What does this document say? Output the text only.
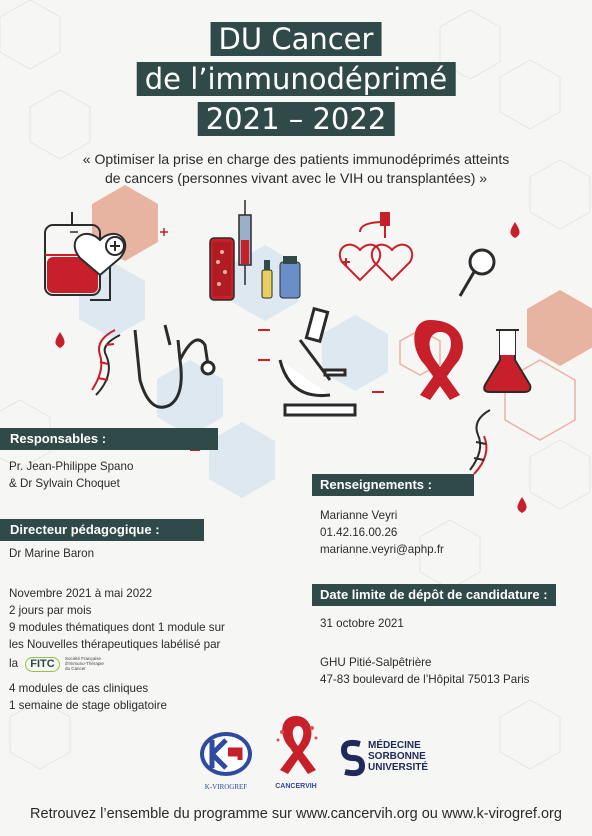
DU Cancer
de l’immunodéprimé
2021 – 2022
« Optimiser la prise en charge des patients immunodéprimés atteints
de cancers (personnes vivant avec le VIH ou transplantées) »
Responsables :
Pr. Jean-Philippe Spano
& Dr Sylvain Choquet
Directeur pédagogique :
Dr Marine Baron
Novembre 2021 à mai 2022
2 jours par mois
9 modules thématiques dont 1 module sur
les Nouvelles thérapeutiques labélisé par
la FITC Société Française d'Immuno-Thérapie du Cancer
4 modules de cas cliniques
1 semaine de stage obligatoire
Renseignements :
Marianne Veyri
01.42.16.00.26
marianne.veyri@aphp.fr
Date limite de dépôt de candidature :
31 octobre 2021
GHU Pitié-Salpêtrière
47-83 boulevard de l’Hôpital 75013 Paris
K-VIROGREF	CANCERVIH
MÉDECINE
SORBONNE
UNIVERSITÉ
Retrouvez l’ensemble du programme sur www.cancervih.org ou www.k-virogref.org
